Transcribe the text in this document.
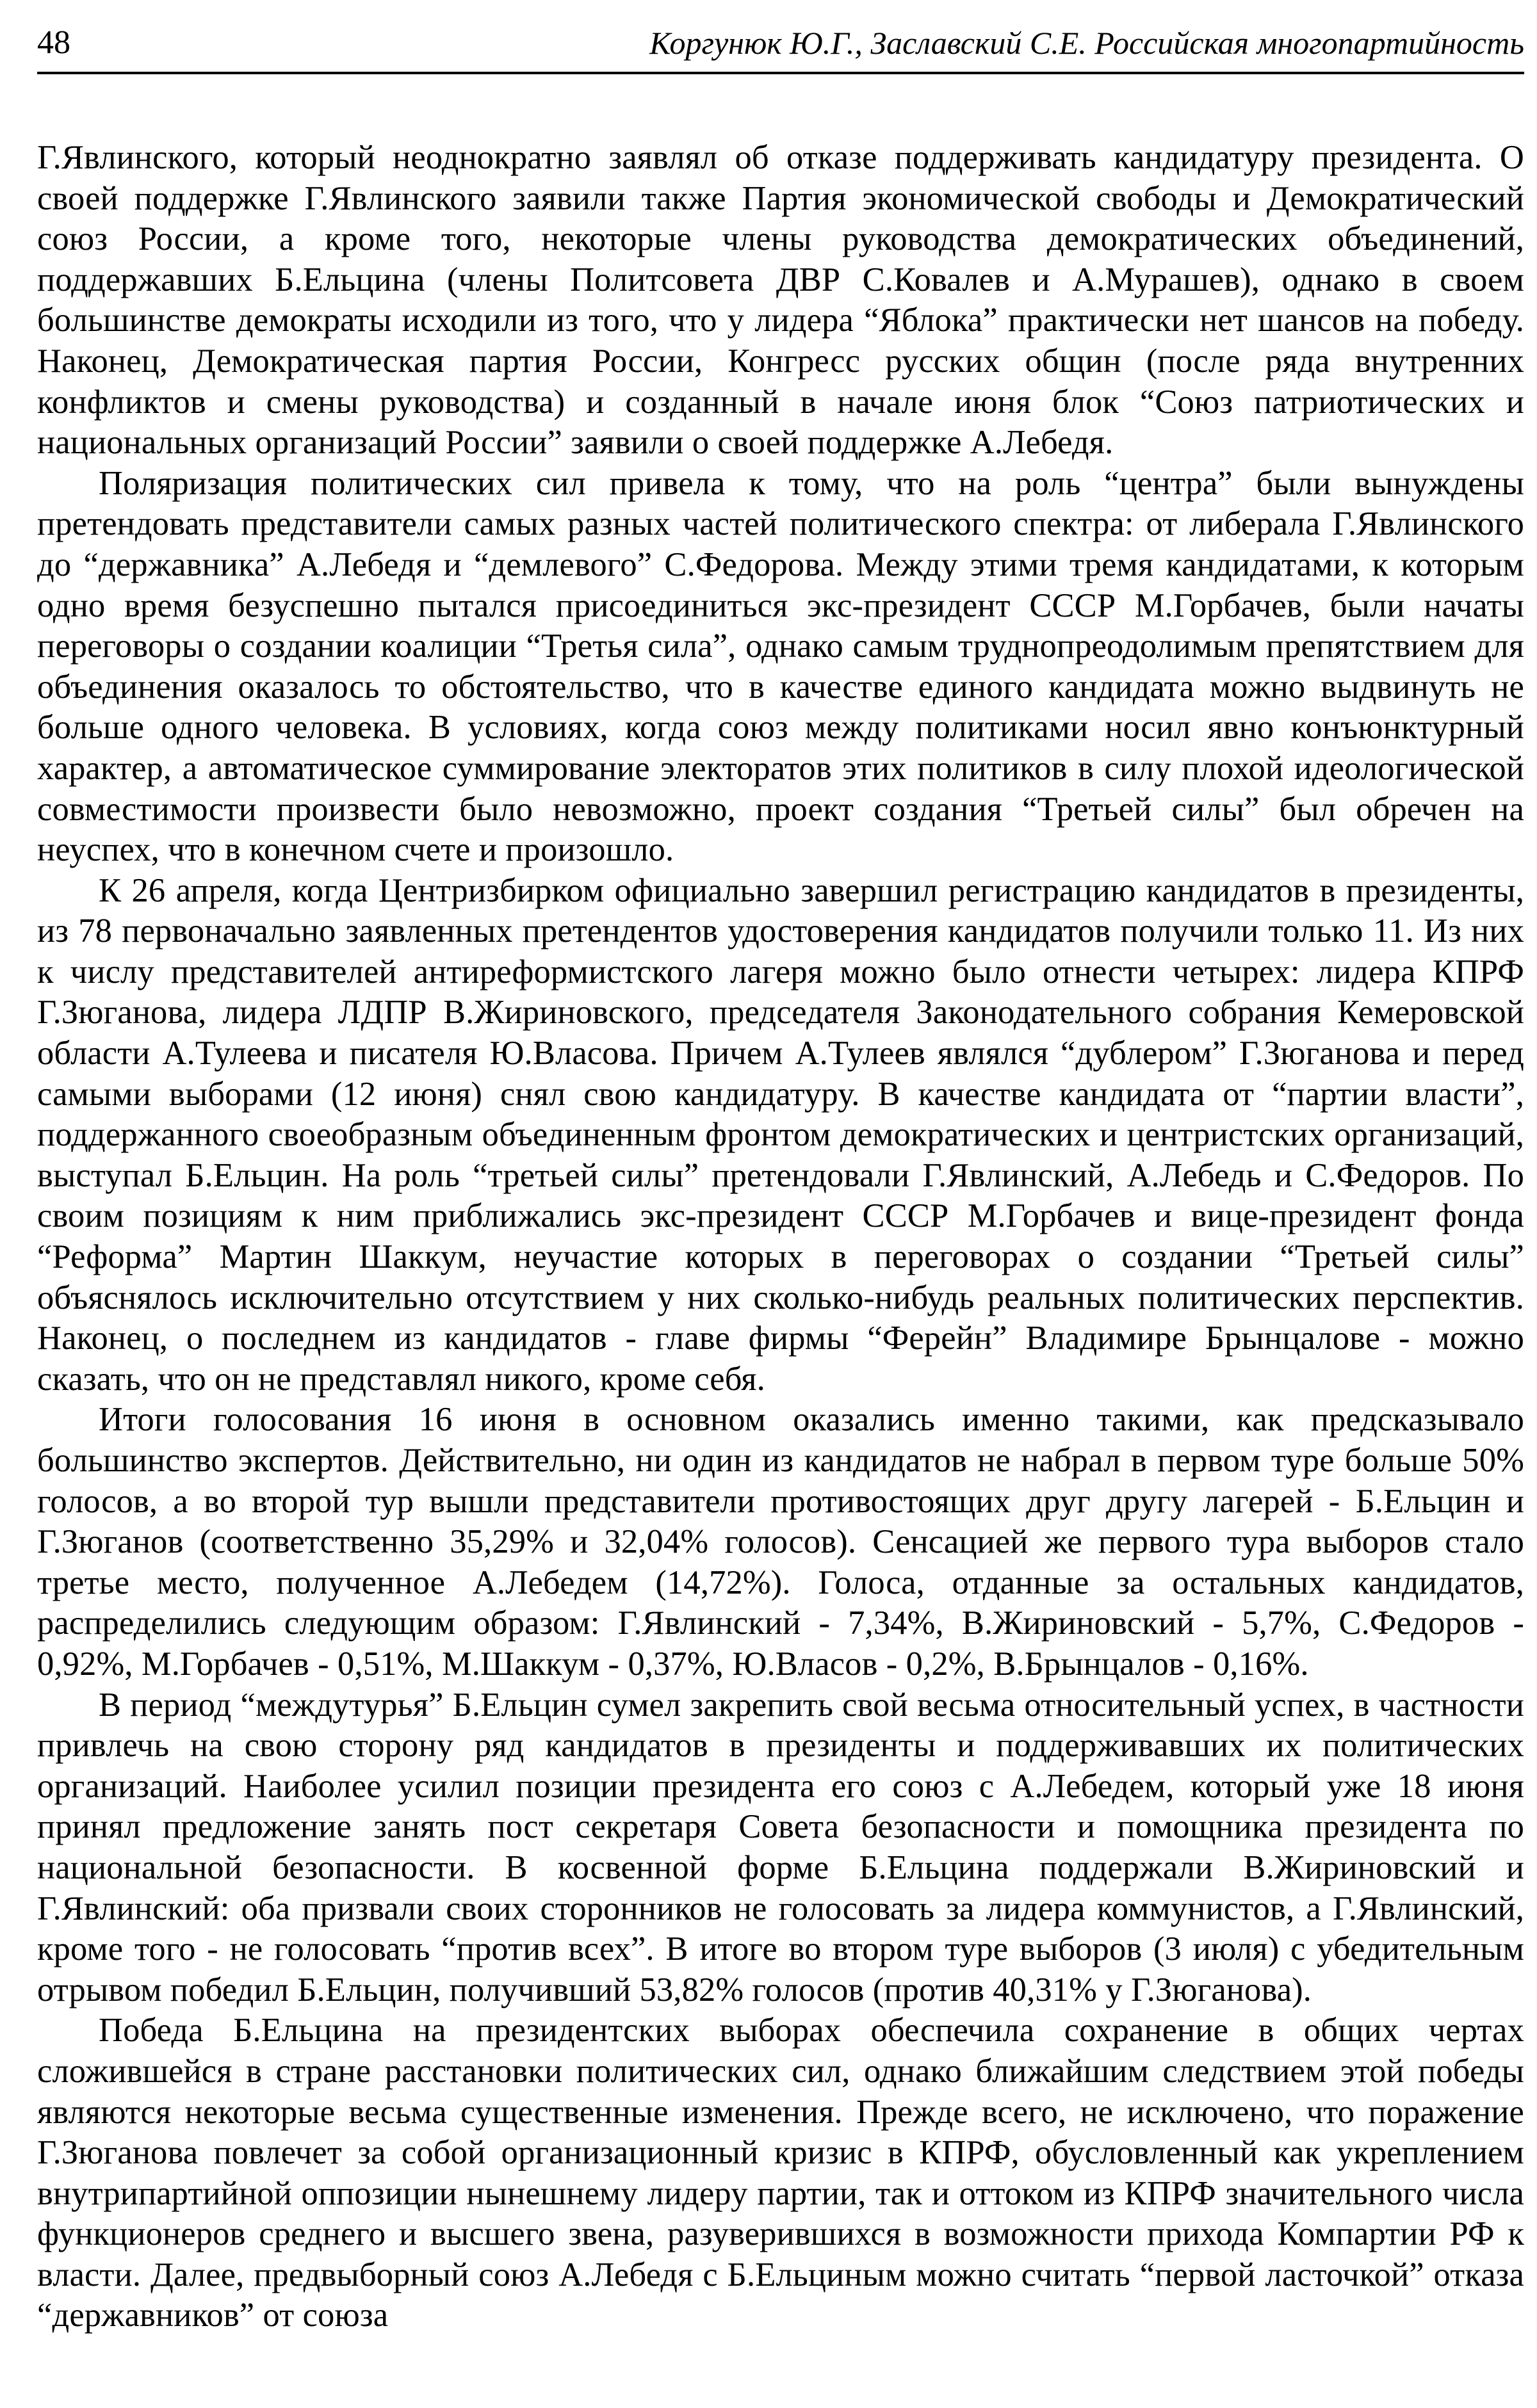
48	Коргунюк Ю.Г., Заславский С.Е. Российская многопартийность

Г.Явлинского, который неоднократно заявлял об отказе поддерживать кандидатуру президента. О своей поддержке Г.Явлинского заявили также Партия экономической свободы и Демократический союз России, а кроме того, некоторые члены руководства демократических объединений, поддержавших Б.Ельцина (члены Политсовета ДВР С.Ковалев и А.Мурашев), однако в своем большинстве демократы исходили из того, что у лидера “Яблока” практически нет шансов на победу. Наконец, Демократическая партия России, Конгресс русских общин (после ряда внутренних конфликтов и смены руководства) и созданный в начале июня блок “Союз патриотических и национальных организаций России” заявили о своей поддержке А.Лебедя.

Поляризация политических сил привела к тому, что на роль “центра” были вынуждены претендовать представители самых разных частей политического спектра: от либерала Г.Явлинского до “державника” А.Лебедя и “демлевого” С.Федорова. Между этими тремя кандидатами, к которым одно время безуспешно пытался присоединиться экс-президент СССР М.Горбачев, были начаты переговоры о создании коалиции “Третья сила”, однако самым труднопреодолимым препятствием для объединения оказалось то обстоятельство, что в качестве единого кандидата можно выдвинуть не больше одного человека. В условиях, когда союз между политиками носил явно конъюнктурный характер, а автоматическое суммирование электоратов этих политиков в силу плохой идеологической совместимости произвести было невозможно, проект создания “Третьей силы” был обречен на неуспех, что в конечном счете и произошло.

К 26 апреля, когда Центризбирком официально завершил регистрацию кандидатов в президенты, из 78 первоначально заявленных претендентов удостоверения кандидатов получили только 11. Из них к числу представителей антиреформистского лагеря можно было отнести четырех: лидера КПРФ Г.Зюганова, лидера ЛДПР В.Жириновского, председателя Законодательного собрания Кемеровской области А.Тулеева и писателя Ю.Власова. Причем А.Тулеев являлся “дублером” Г.Зюганова и перед самыми выборами (12 июня) снял свою кандидатуру. В качестве кандидата от “партии власти”, поддержанного своеобразным объединенным фронтом демократических и центристских организаций, выступал Б.Ельцин. На роль “третьей силы” претендовали Г.Явлинский, А.Лебедь и С.Федоров. По своим позициям к ним приближались экс-президент СССР М.Горбачев и вице-президент фонда “Реформа” Мартин Шаккум, неучастие которых в переговорах о создании “Третьей силы” объяснялось исключительно отсутствием у них сколько-нибудь реальных политических перспектив. Наконец, о последнем из кандидатов - главе фирмы “Ферейн” Владимире Брынцалове - можно сказать, что он не представлял никого, кроме себя.

Итоги голосования 16 июня в основном оказались именно такими, как предсказывало большинство экспертов. Действительно, ни один из кандидатов не набрал в первом туре больше 50% голосов, а во второй тур вышли представители противостоящих друг другу лагерей - Б.Ельцин и Г.Зюганов (соответственно 35,29% и 32,04% голосов). Сенсацией же первого тура выборов стало третье место, полученное А.Лебедем (14,72%). Голоса, отданные за остальных кандидатов, распределились следующим образом: Г.Явлинский - 7,34%, В.Жириновский - 5,7%, С.Федоров - 0,92%, М.Горбачев - 0,51%, М.Шаккум - 0,37%, Ю.Власов - 0,2%, В.Брынцалов - 0,16%.

В период “междутурья” Б.Ельцин сумел закрепить свой весьма относительный успех, в частности привлечь на свою сторону ряд кандидатов в президенты и поддерживавших их политических организаций. Наиболее усилил позиции президента его союз с А.Лебедем, который уже 18 июня принял предложение занять пост секретаря Совета безопасности и помощника президента по национальной безопасности. В косвенной форме Б.Ельцина поддержали В.Жириновский и Г.Явлинский: оба призвали своих сторонников не голосовать за лидера коммунистов, а Г.Явлинский, кроме того - не голосовать “против всех”. В итоге во втором туре выборов (3 июля) с убедительным отрывом победил Б.Ельцин, получивший 53,82% голосов (против 40,31% у Г.Зюганова).

Победа Б.Ельцина на президентских выборах обеспечила сохранение в общих чертах сложившейся в стране расстановки политических сил, однако ближайшим следствием этой победы являются некоторые весьма существенные изменения. Прежде всего, не исключено, что поражение Г.Зюганова повлечет за собой организационный кризис в КПРФ, обусловленный как укреплением внутрипартийной оппозиции нынешнему лидеру партии, так и оттоком из КПРФ значительного числа функционеров среднего и высшего звена, разуверившихся в возможности прихода Компартии РФ к власти. Далее, предвыборный союз А.Лебедя с Б.Ельциным можно считать “первой ласточкой” отказа “державников” от союза
